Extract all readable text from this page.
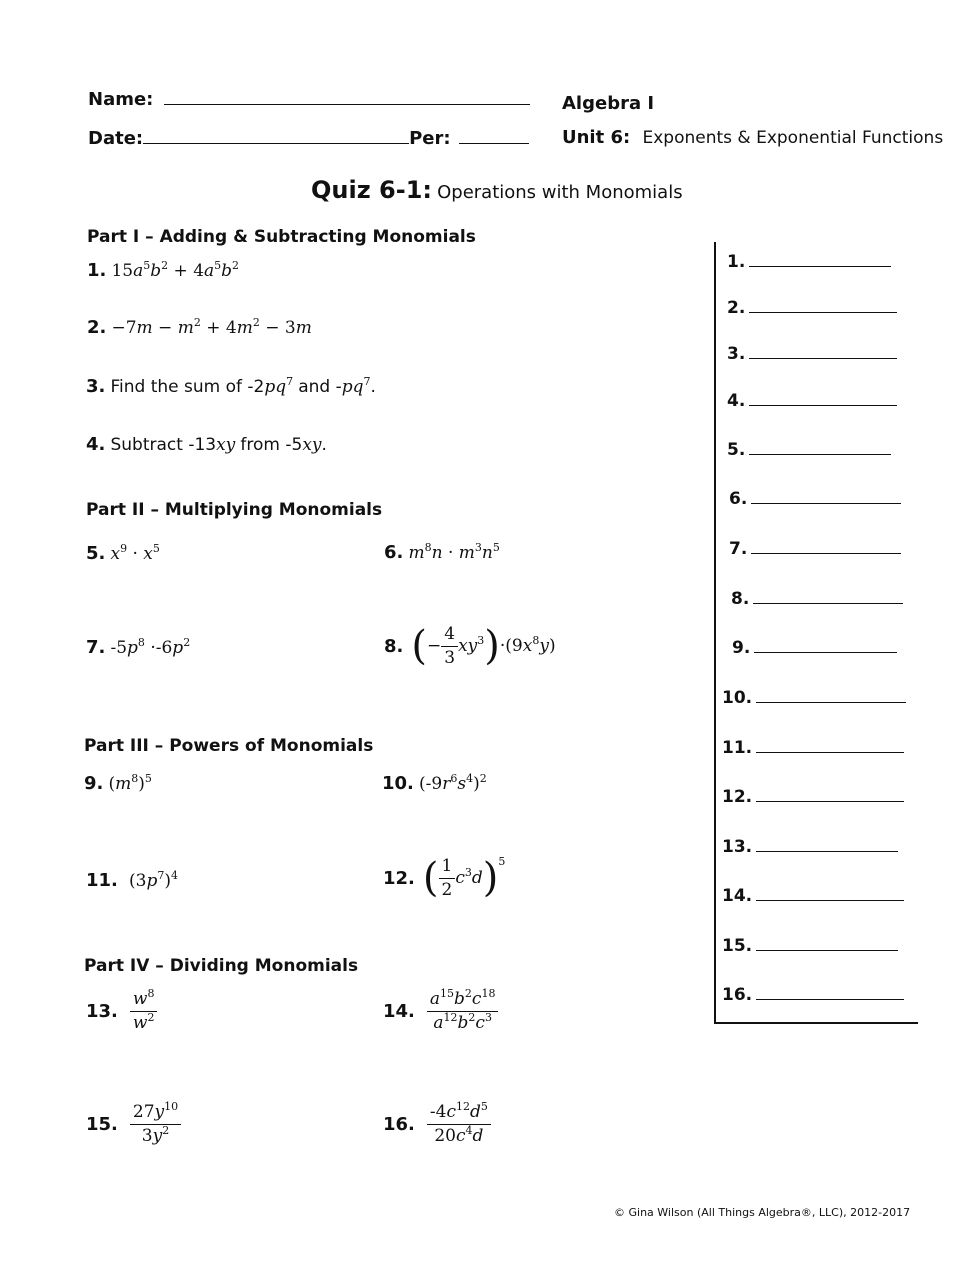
Name:
Date:	Per:
Algebra I
Unit 6: Exponents & Exponential Functions
Quiz 6-1: Operations with Monomials
Part I – Adding & Subtracting Monomials
1. $15a^5b^2 + 4a^5b^2$
2. $-7m - m^2 + 4m^2 - 3m$
3. Find the sum of $-2pq^7$ and $-pq^7$.
4. Subtract -13xy from -5xy.
Part II – Multiplying Monomials
5. $x^9 \cdot x^5$	6. $m^8n \cdot m^3n^5$
7. $-5p^8 \cdot-6p^2$	8. ( − $\frac{4}{3} xy^3$ ) $\cdot(9x^8y)$
Part III – Powers of Monomials
9. $(m^8)^5$	10. $(-9r^6s^4)^2$
11. $(3p^7)^4$	12. ( $\frac{1}{2} c^3d$ ) 5
Part IV – Dividing Monomials
13. $\frac{w^8}{w^2}$	14. $\frac{a^{15}b^2c^{18}}{a^{12}b^2c^3}$
15. $\frac{27y^{10}}{3y^2}$	16. $\frac{-4c^{12}d^5}{20c^4d}$
1.
2.
3.
4.
5.
6.
7.
8.
9.
10.
11.
12.
13.
14.
15.
16.
© Gina Wilson (All Things Algebra®, LLC), 2012-2017
